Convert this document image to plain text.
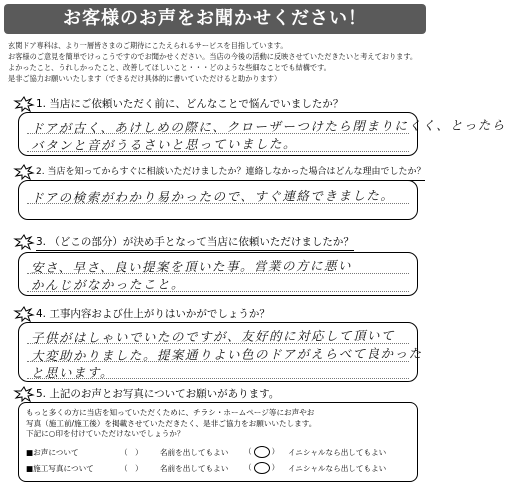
お客様のお声をお聞かせください！
玄関ドア専科は、より一層皆さまのご期待にこたえられるサービスを目指しています。
お客様のご意見を簡単でけっこうですのでお聞かせください。当店の今後の活動に反映させていただきたいと考えております。
よかったこと、うれしかったこと、改善してほしいこと・・・どのような些細なことでも結構です。
是非ご協力お願いいたします（できるだけ具体的に書いていただけると助かります）
1. 当店にご依頼いただく前に、どんなことで悩んでいましたか？
ドアが古く、あけしめの際に、クローザーつけたら閉まりにくく、とったら
バタンと音がうるさいと思っていました。
2. 当店を知ってからすぐに相談いただけましたか？連絡しなかった場合はどんな理由でしたか？
ドアの検索がわかり易かったので、すぐ連絡できました。
3. （どこの部分）が決め手となって当店に依頼いただけましたか？
安さ、早さ、良い提案を頂いた事。営業の方に悪い
かんじがなかったこと。
4. 工事内容および仕上がりはいかがでしょうか？
子供がはしゃいでいたのですが、友好的に対応して頂いて
大変助かりました。提案通りよい色のドアがえらべて良かった
と思います。
5. 上記のお声とお写真についてお願いがあります。
もっと多くの方に当店を知っていただくために、チラシ・ホームページ等にお声やお
写真（施工前/施工後）を掲載させていただきたく、是非ご協力をお願いいたします。
下記に○印を付けていただけないでしょうか？
■お声について	（　） 名前を出してもよい （ ○ ） イニシャルなら出してもよい
■施工写真について	（　） 名前を出してもよい （ ○ ） イニシャルなら出してもよい
